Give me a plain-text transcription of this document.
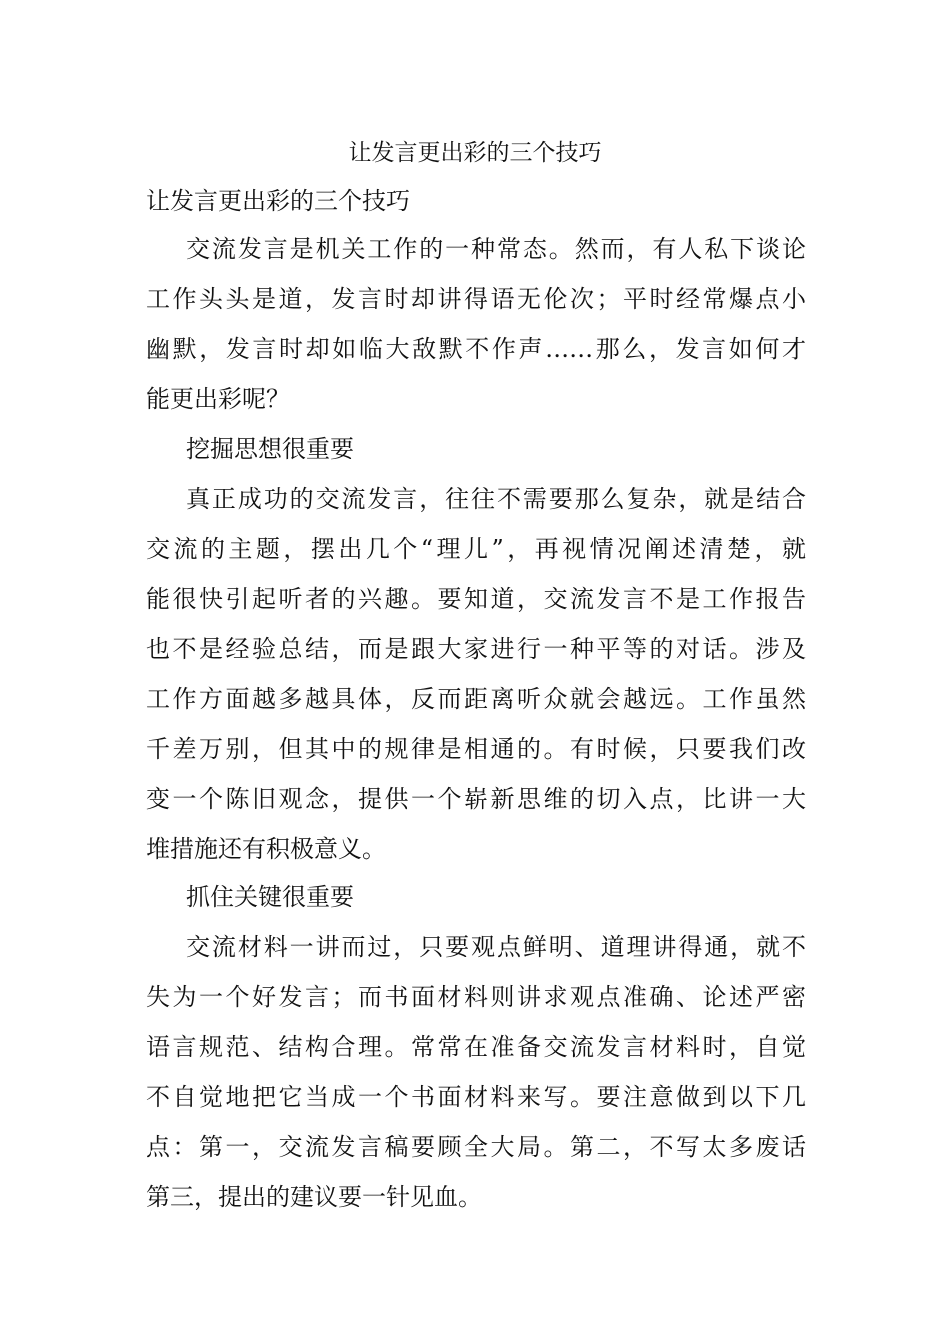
让发言更出彩的三个技巧
让发言更出彩的三个技巧
交流发言是机关工作的一种常态。然而，有人私下谈论
工作头头是道，发言时却讲得语无伦次；平时经常爆点小
幽默，发言时却如临大敌默不作声……那么，发言如何才
能更出彩呢？
挖掘思想很重要
真正成功的交流发言，往往不需要那么复杂，就是结合
交流的主题，摆出几个“理儿”，再视情况阐述清楚，就
能很快引起听者的兴趣。要知道，交流发言不是工作报告
也不是经验总结，而是跟大家进行一种平等的对话。涉及
工作方面越多越具体，反而距离听众就会越远。工作虽然
千差万别，但其中的规律是相通的。有时候，只要我们改
变一个陈旧观念，提供一个崭新思维的切入点，比讲一大
堆措施还有积极意义。
抓住关键很重要
交流材料一讲而过，只要观点鲜明、道理讲得通，就不
失为一个好发言；而书面材料则讲求观点准确、论述严密
语言规范、结构合理。常常在准备交流发言材料时，自觉
不自觉地把它当成一个书面材料来写。要注意做到以下几
点：第一，交流发言稿要顾全大局。第二，不写太多废话
第三，提出的建议要一针见血。
